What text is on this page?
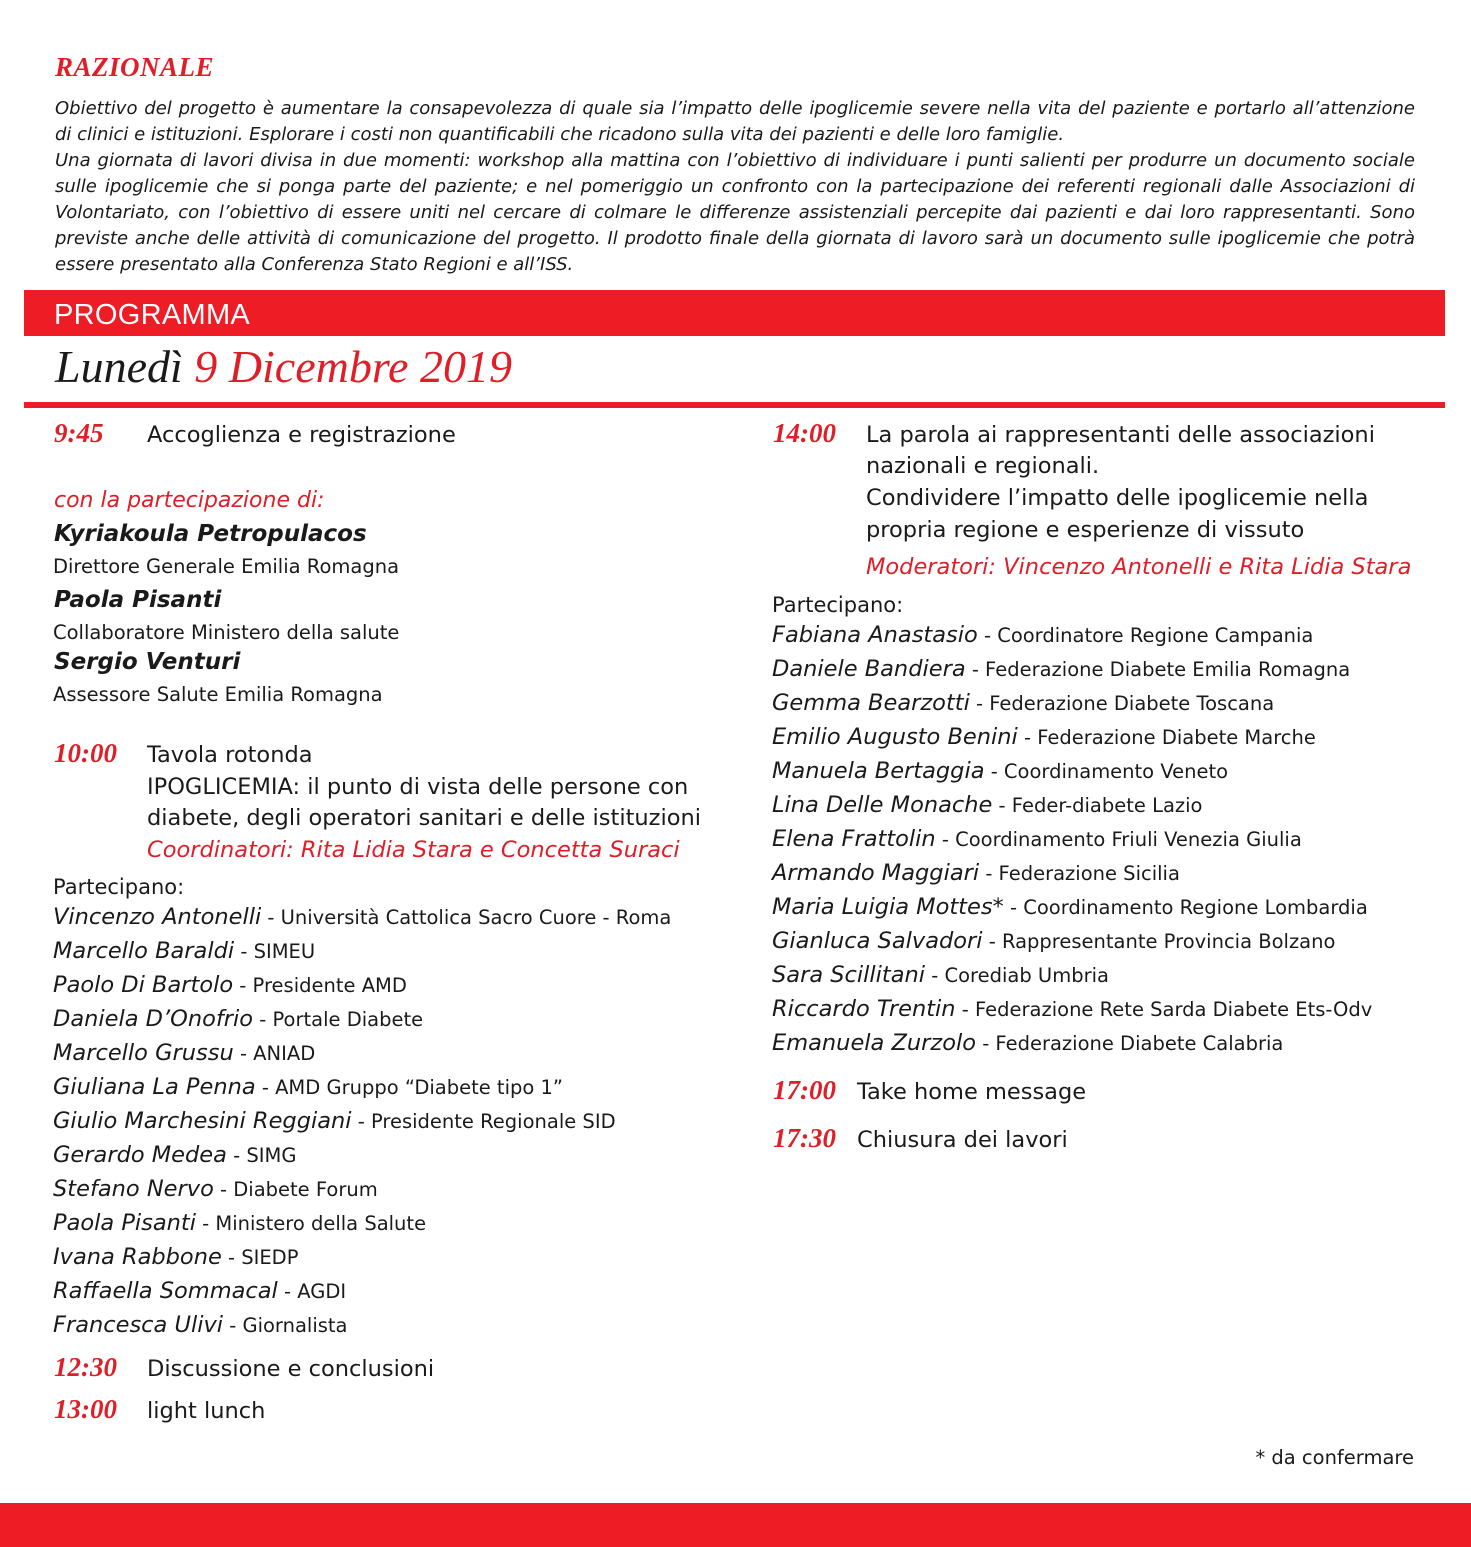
RAZIONALE

Obiettivo del progetto è aumentare la consapevolezza di quale sia l’impatto delle ipoglicemie severe nella vita del paziente e portarlo all’attenzione di clinici e istituzioni. Esplorare i costi non quantificabili che ricadono sulla vita dei pazienti e delle loro famiglie.

Una giornata di lavori divisa in due momenti: workshop alla mattina con l’obiettivo di individuare i punti salienti per produrre un documento sociale sulle ipoglicemie che si ponga parte del paziente; e nel pomeriggio un confronto con la partecipazione dei referenti regionali dalle Associazioni di Volontariato, con l’obiettivo di essere uniti nel cercare di colmare le differenze assistenziali percepite dai pazienti e dai loro rappresentanti. Sono previste anche delle attività di comunicazione del progetto. Il prodotto finale della giornata di lavoro sarà un documento sulle ipoglicemie che potrà essere presentato alla Conferenza Stato Regioni e all’ISS.

PROGRAMMA
Lunedì 9 Dicembre 2019
9:45 Accoglienza e registrazione
con la partecipazione di:
Kyriakoula Petropulacos
Direttore Generale Emilia Romagna
Paola Pisanti
Collaboratore Ministero della salute
Sergio Venturi
Assessore Salute Emilia Romagna
10:00 Tavola rotonda
IPOGLICEMIA: il punto di vista delle persone con
diabete, degli operatori sanitari e delle istituzioni
Coordinatori: Rita Lidia Stara e Concetta Suraci
Partecipano:
Vincenzo Antonelli - Università Cattolica Sacro Cuore - Roma
Marcello Baraldi - SIMEU
Paolo Di Bartolo - Presidente AMD
Daniela D’Onofrio - Portale Diabete
Marcello Grussu - ANIAD
Giuliana La Penna - AMD Gruppo “Diabete tipo 1”
Giulio Marchesini Reggiani - Presidente Regionale SID
Gerardo Medea - SIMG
Stefano Nervo - Diabete Forum
Paola Pisanti - Ministero della Salute
Ivana Rabbone - SIEDP
Raffaella Sommacal - AGDI
Francesca Ulivi - Giornalista
12:30 Discussione e conclusioni
13:00 light lunch
14:00 La parola ai rappresentanti delle associazioni
nazionali e regionali.
Condividere l’impatto delle ipoglicemie nella
propria regione e esperienze di vissuto
Moderatori: Vincenzo Antonelli e Rita Lidia Stara
Partecipano:
Fabiana Anastasio - Coordinatore Regione Campania
Daniele Bandiera - Federazione Diabete Emilia Romagna
Gemma Bearzotti - Federazione Diabete Toscana
Emilio Augusto Benini - Federazione Diabete Marche
Manuela Bertaggia - Coordinamento Veneto
Lina Delle Monache - Feder-diabete Lazio
Elena Frattolin - Coordinamento Friuli Venezia Giulia
Armando Maggiari - Federazione Sicilia
Maria Luigia Mottes* - Coordinamento Regione Lombardia
Gianluca Salvadori - Rappresentante Provincia Bolzano
Sara Scillitani - Corediab Umbria
Riccardo Trentin - Federazione Rete Sarda Diabete Ets-Odv
Emanuela Zurzolo - Federazione Diabete Calabria
17:00 Take home message
17:30 Chiusura dei lavori
* da confermare
